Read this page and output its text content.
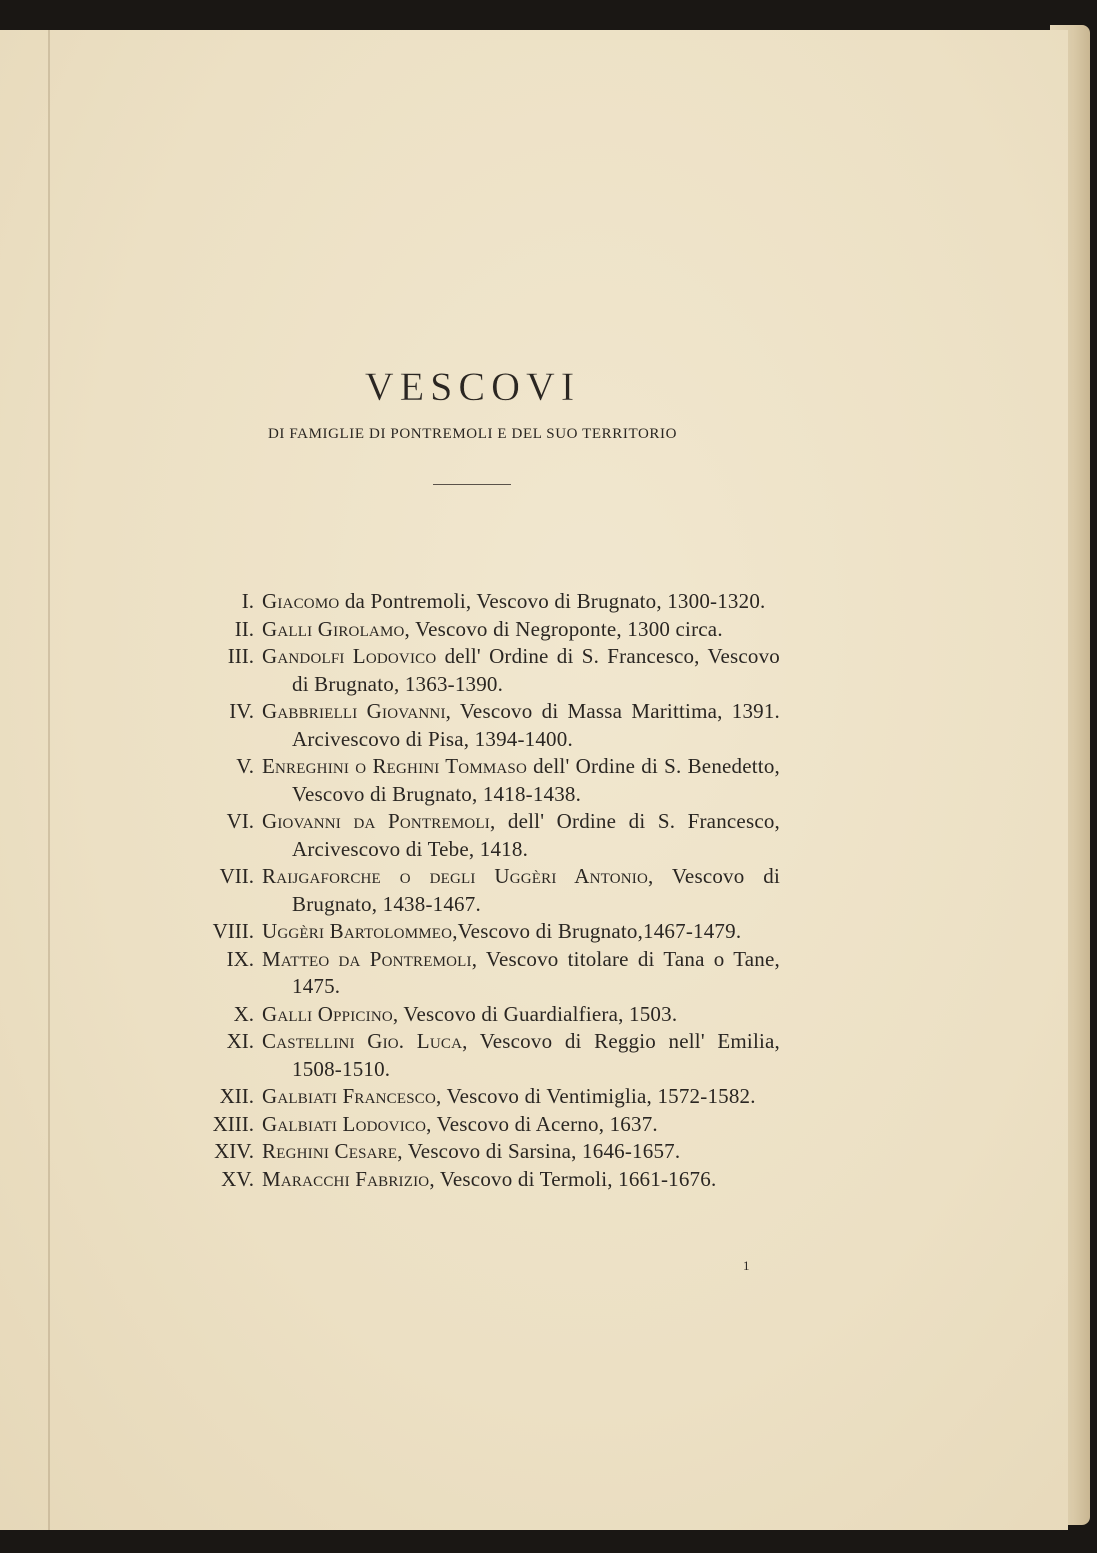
VESCOVI
DI FAMIGLIE DI PONTREMOLI E DEL SUO TERRITORIO
I. Giacomo da Pontremoli, Vescovo di Brugnato, 1300-1320.
II. Galli Girolamo, Vescovo di Negroponte, 1300 circa.
III. Gandolfi Lodovico dell' Ordine di S. Francesco, Vescovo di Brugnato, 1363-1390.
IV. Gabbrielli Giovanni, Vescovo di Massa Marittima, 1391. Arcivescovo di Pisa, 1394-1400.
V. Enreghini o Reghini Tommaso dell' Ordine di S. Benedetto, Vescovo di Brugnato, 1418-1438.
VI. Giovanni da Pontremoli, dell' Ordine di S. Francesco, Arcivescovo di Tebe, 1418.
VII. Raijgaforche o degli Uggèri Antonio, Vescovo di Brugnato, 1438-1467.
VIII. Uggèri Bartolommeo,Vescovo di Brugnato,1467-1479.
IX. Matteo da Pontremoli, Vescovo titolare di Tana o Tane, 1475.
X. Galli Oppicino, Vescovo di Guardialfiera, 1503.
XI. Castellini Gio. Luca, Vescovo di Reggio nell' Emilia, 1508-1510.
XII. Galbiati Francesco, Vescovo di Ventimiglia, 1572-1582.
XIII. Galbiati Lodovico, Vescovo di Acerno, 1637.
XIV. Reghini Cesare, Vescovo di Sarsina, 1646-1657.
XV. Maracchi Fabrizio, Vescovo di Termoli, 1661-1676.
1
